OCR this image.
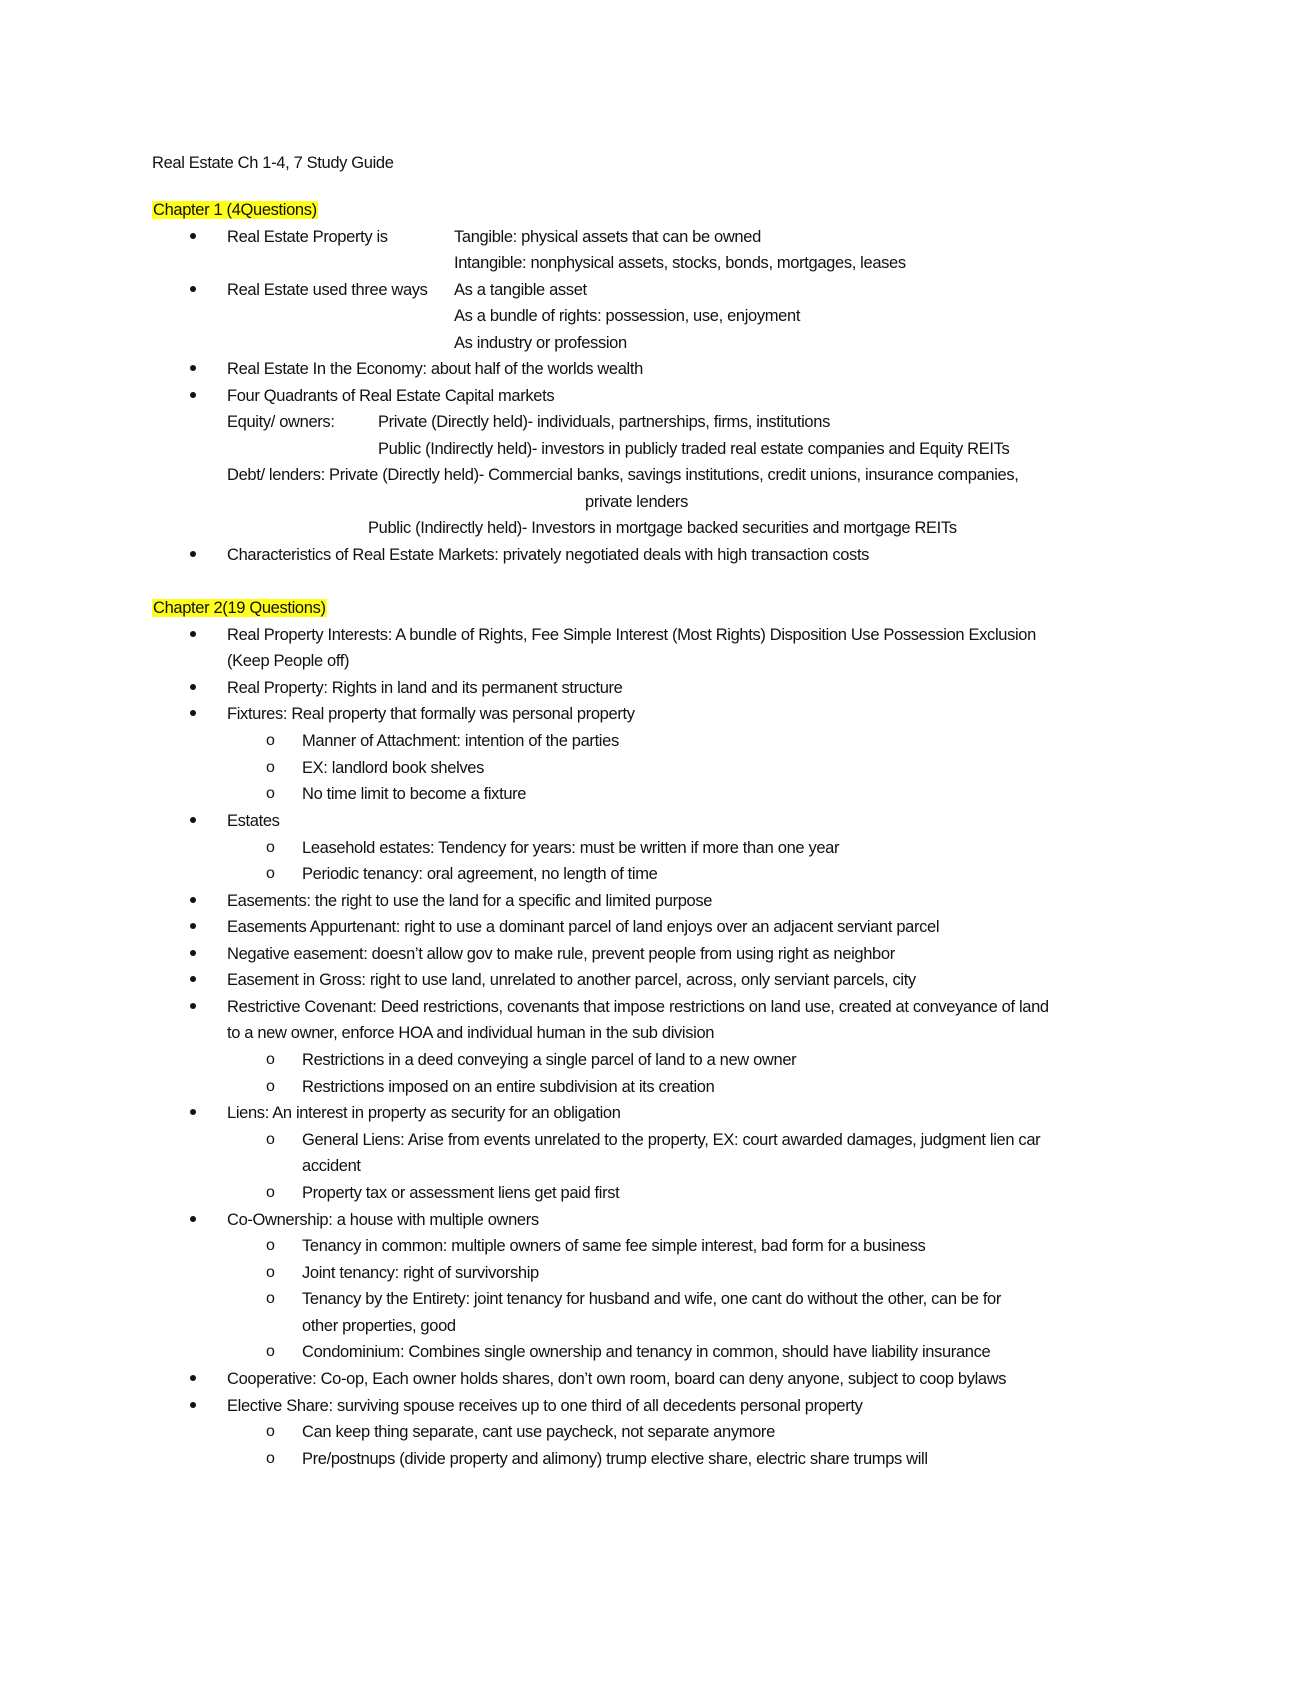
Real Estate Ch 1-4, 7 Study Guide
Chapter 1 (4Questions)
Real Estate Property is	Tangible: physical assets that can be owned
Intangible: nonphysical assets, stocks, bonds, mortgages, leases
Real Estate used three ways As a tangible asset
As a bundle of rights: possession, use, enjoyment
As industry or profession
Real Estate In the Economy: about half of the worlds wealth
Four Quadrants of Real Estate Capital markets
Equity/ owners:	Private (Directly held)- individuals, partnerships, firms, institutions
Public (Indirectly held)- investors in publicly traded real estate companies and Equity REITs
Debt/ lenders: Private (Directly held)- Commercial banks, savings institutions, credit unions, insurance companies,
private lenders
Public (Indirectly held)- Investors in mortgage backed securities and mortgage REITs
Characteristics of Real Estate Markets: privately negotiated deals with high transaction costs
Chapter 2(19 Questions)
Real Property Interests: A bundle of Rights, Fee Simple Interest (Most Rights) Disposition Use Possession Exclusion
(Keep People off)
Real Property: Rights in land and its permanent structure
Fixtures: Real property that formally was personal property
o Manner of Attachment: intention of the parties
o EX: landlord book shelves
o No time limit to become a fixture
Estates
o Leasehold estates: Tendency for years: must be written if more than one year
o Periodic tenancy: oral agreement, no length of time
Easements: the right to use the land for a specific and limited purpose
Easements Appurtenant: right to use a dominant parcel of land enjoys over an adjacent serviant parcel
Negative easement: doesn’t allow gov to make rule, prevent people from using right as neighbor
Easement in Gross: right to use land, unrelated to another parcel, across, only serviant parcels, city
Restrictive Covenant: Deed restrictions, covenants that impose restrictions on land use, created at conveyance of land
to a new owner, enforce HOA and individual human in the sub division
o Restrictions in a deed conveying a single parcel of land to a new owner
o Restrictions imposed on an entire subdivision at its creation
Liens: An interest in property as security for an obligation
o General Liens: Arise from events unrelated to the property, EX: court awarded damages, judgment lien car
accident
o Property tax or assessment liens get paid first
Co-Ownership: a house with multiple owners
o Tenancy in common: multiple owners of same fee simple interest, bad form for a business
o Joint tenancy: right of survivorship
o Tenancy by the Entirety: joint tenancy for husband and wife, one cant do without the other, can be for
other properties, good
o Condominium: Combines single ownership and tenancy in common, should have liability insurance
Cooperative: Co-op, Each owner holds shares, don’t own room, board can deny anyone, subject to coop bylaws
Elective Share: surviving spouse receives up to one third of all decedents personal property
o Can keep thing separate, cant use paycheck, not separate anymore
o Pre/postnups (divide property and alimony) trump elective share, electric share trumps will
